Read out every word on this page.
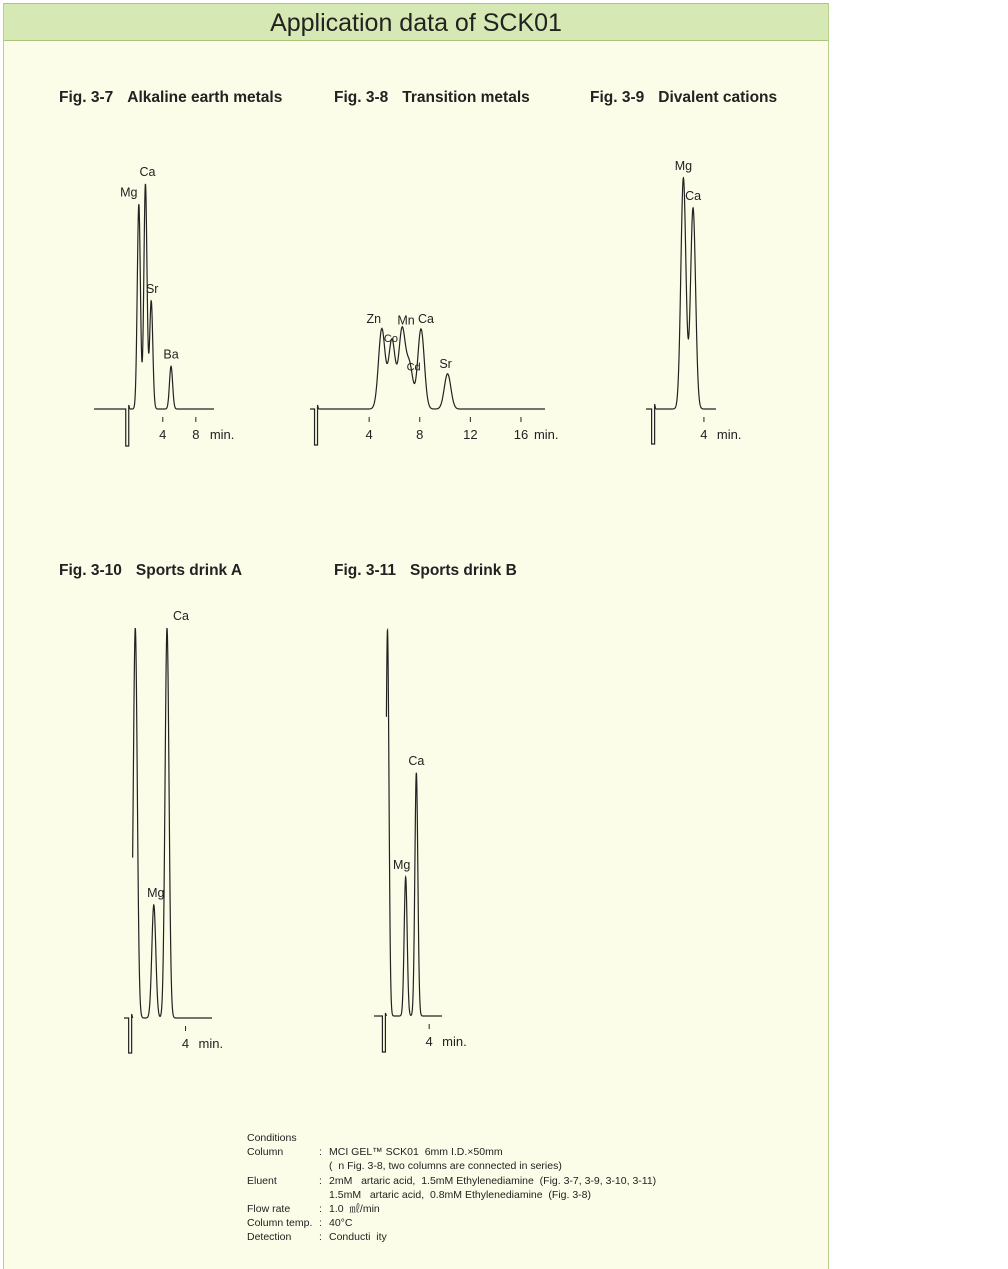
Application data of SCK01
Fig. 3-7 Alkaline earth metals	Fig. 3-8 Transition metals	Fig. 3-9 Divalent cations
Fig. 3-10 Sports drink A	Fig. 3-11 Sports drink B
4 8 min.
Mg
Ca
Sr
Ba
4	8	12	16 min.
Zn
Co
Mn
Cd
Ca
Sr
4 min.
Mg
Ca
4 min.
Mg
Ca
4 min.
Mg
Ca
Conditions
Column	: MCI GEL™ SCK01  6mm I.D.×50mm
(  n Fig. 3-8, two columns are connected in series)
Eluent	: 2mM   artaric acid,  1.5mM Ethylenediamine  (Fig. 3-7, 3-9, 3-10, 3-11)
1.5mM   artaric acid,  0.8mM Ethylenediamine  (Fig. 3-8)
Flow rate	: 1.0  ㎖/min
Column temp. : 40°C
Detection	: Conducti  ity
